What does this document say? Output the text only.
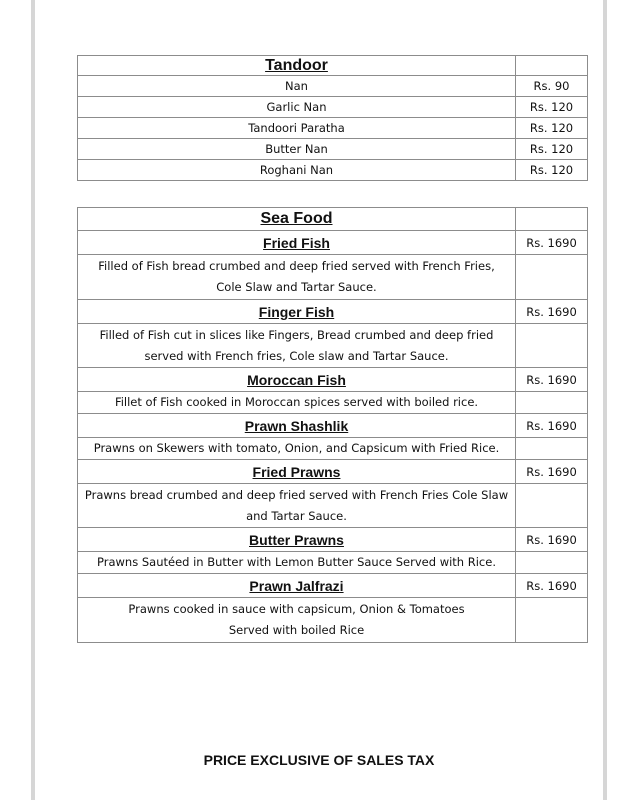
Tandoor	
Nan	Rs. 90
Garlic Nan	Rs. 120
Tandoori Paratha	Rs. 120
Butter Nan	Rs. 120
Roghani Nan	Rs. 120
Sea Food	
Fried Fish	Rs. 1690

Filled of Fish bread crumbed and deep fried served with French Fries,
Cole Slaw and Tartar Sauce.	

Finger Fish	Rs. 1690

Filled of Fish cut in slices like Fingers, Bread crumbed and deep fried
served with French fries, Cole slaw and Tartar Sauce.	

Moroccan Fish	Rs. 1690

Fillet of Fish cooked in Moroccan spices served with boiled rice.	

Prawn Shashlik	Rs. 1690

Prawns on Skewers with tomato, Onion, and Capsicum with Fried Rice.	

Fried Prawns	Rs. 1690

Prawns bread crumbed and deep fried served with French Fries Cole Slaw
and Tartar Sauce.	

Butter Prawns	Rs. 1690

Prawns Sautéed in Butter with Lemon Butter Sauce Served with Rice.	

Prawn Jalfrazi	Rs. 1690

Prawns cooked in sauce with capsicum, Onion & Tomatoes
Served with boiled Rice	

PRICE EXCLUSIVE OF SALES TAX
